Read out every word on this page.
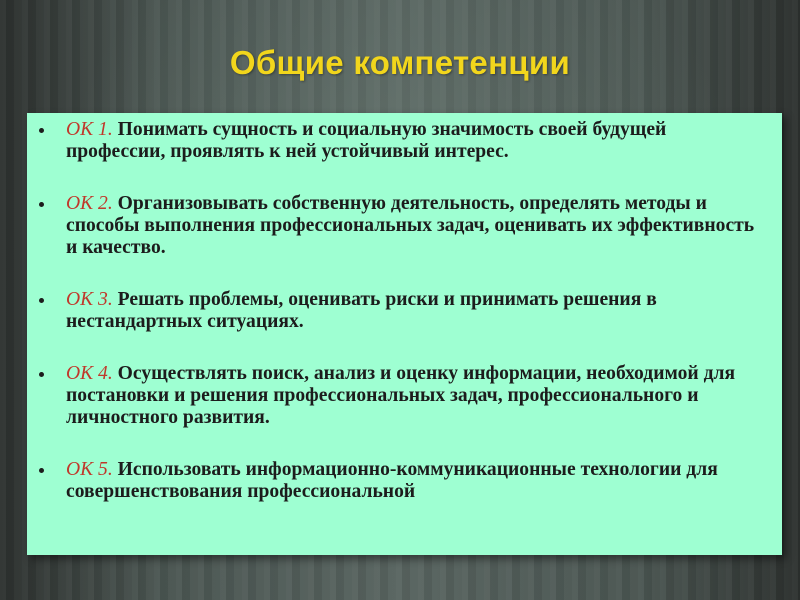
Общие компетенции
ОК 1. Понимать сущность и социальную значимость своей будущей профессии, проявлять к ней устойчивый интерес.
ОК 2. Организовывать собственную деятельность, определять методы и способы выполнения профессиональных задач, оценивать их эффективность и качество.
ОК 3. Решать проблемы, оценивать риски и принимать решения в нестандартных ситуациях.
ОК 4. Осуществлять поиск, анализ и оценку информации, необходимой для постановки и решения профессиональных задач, профессионального и личностного развития.
ОК 5. Использовать информационно-коммуникационные технологии для совершенствования профессиональной
